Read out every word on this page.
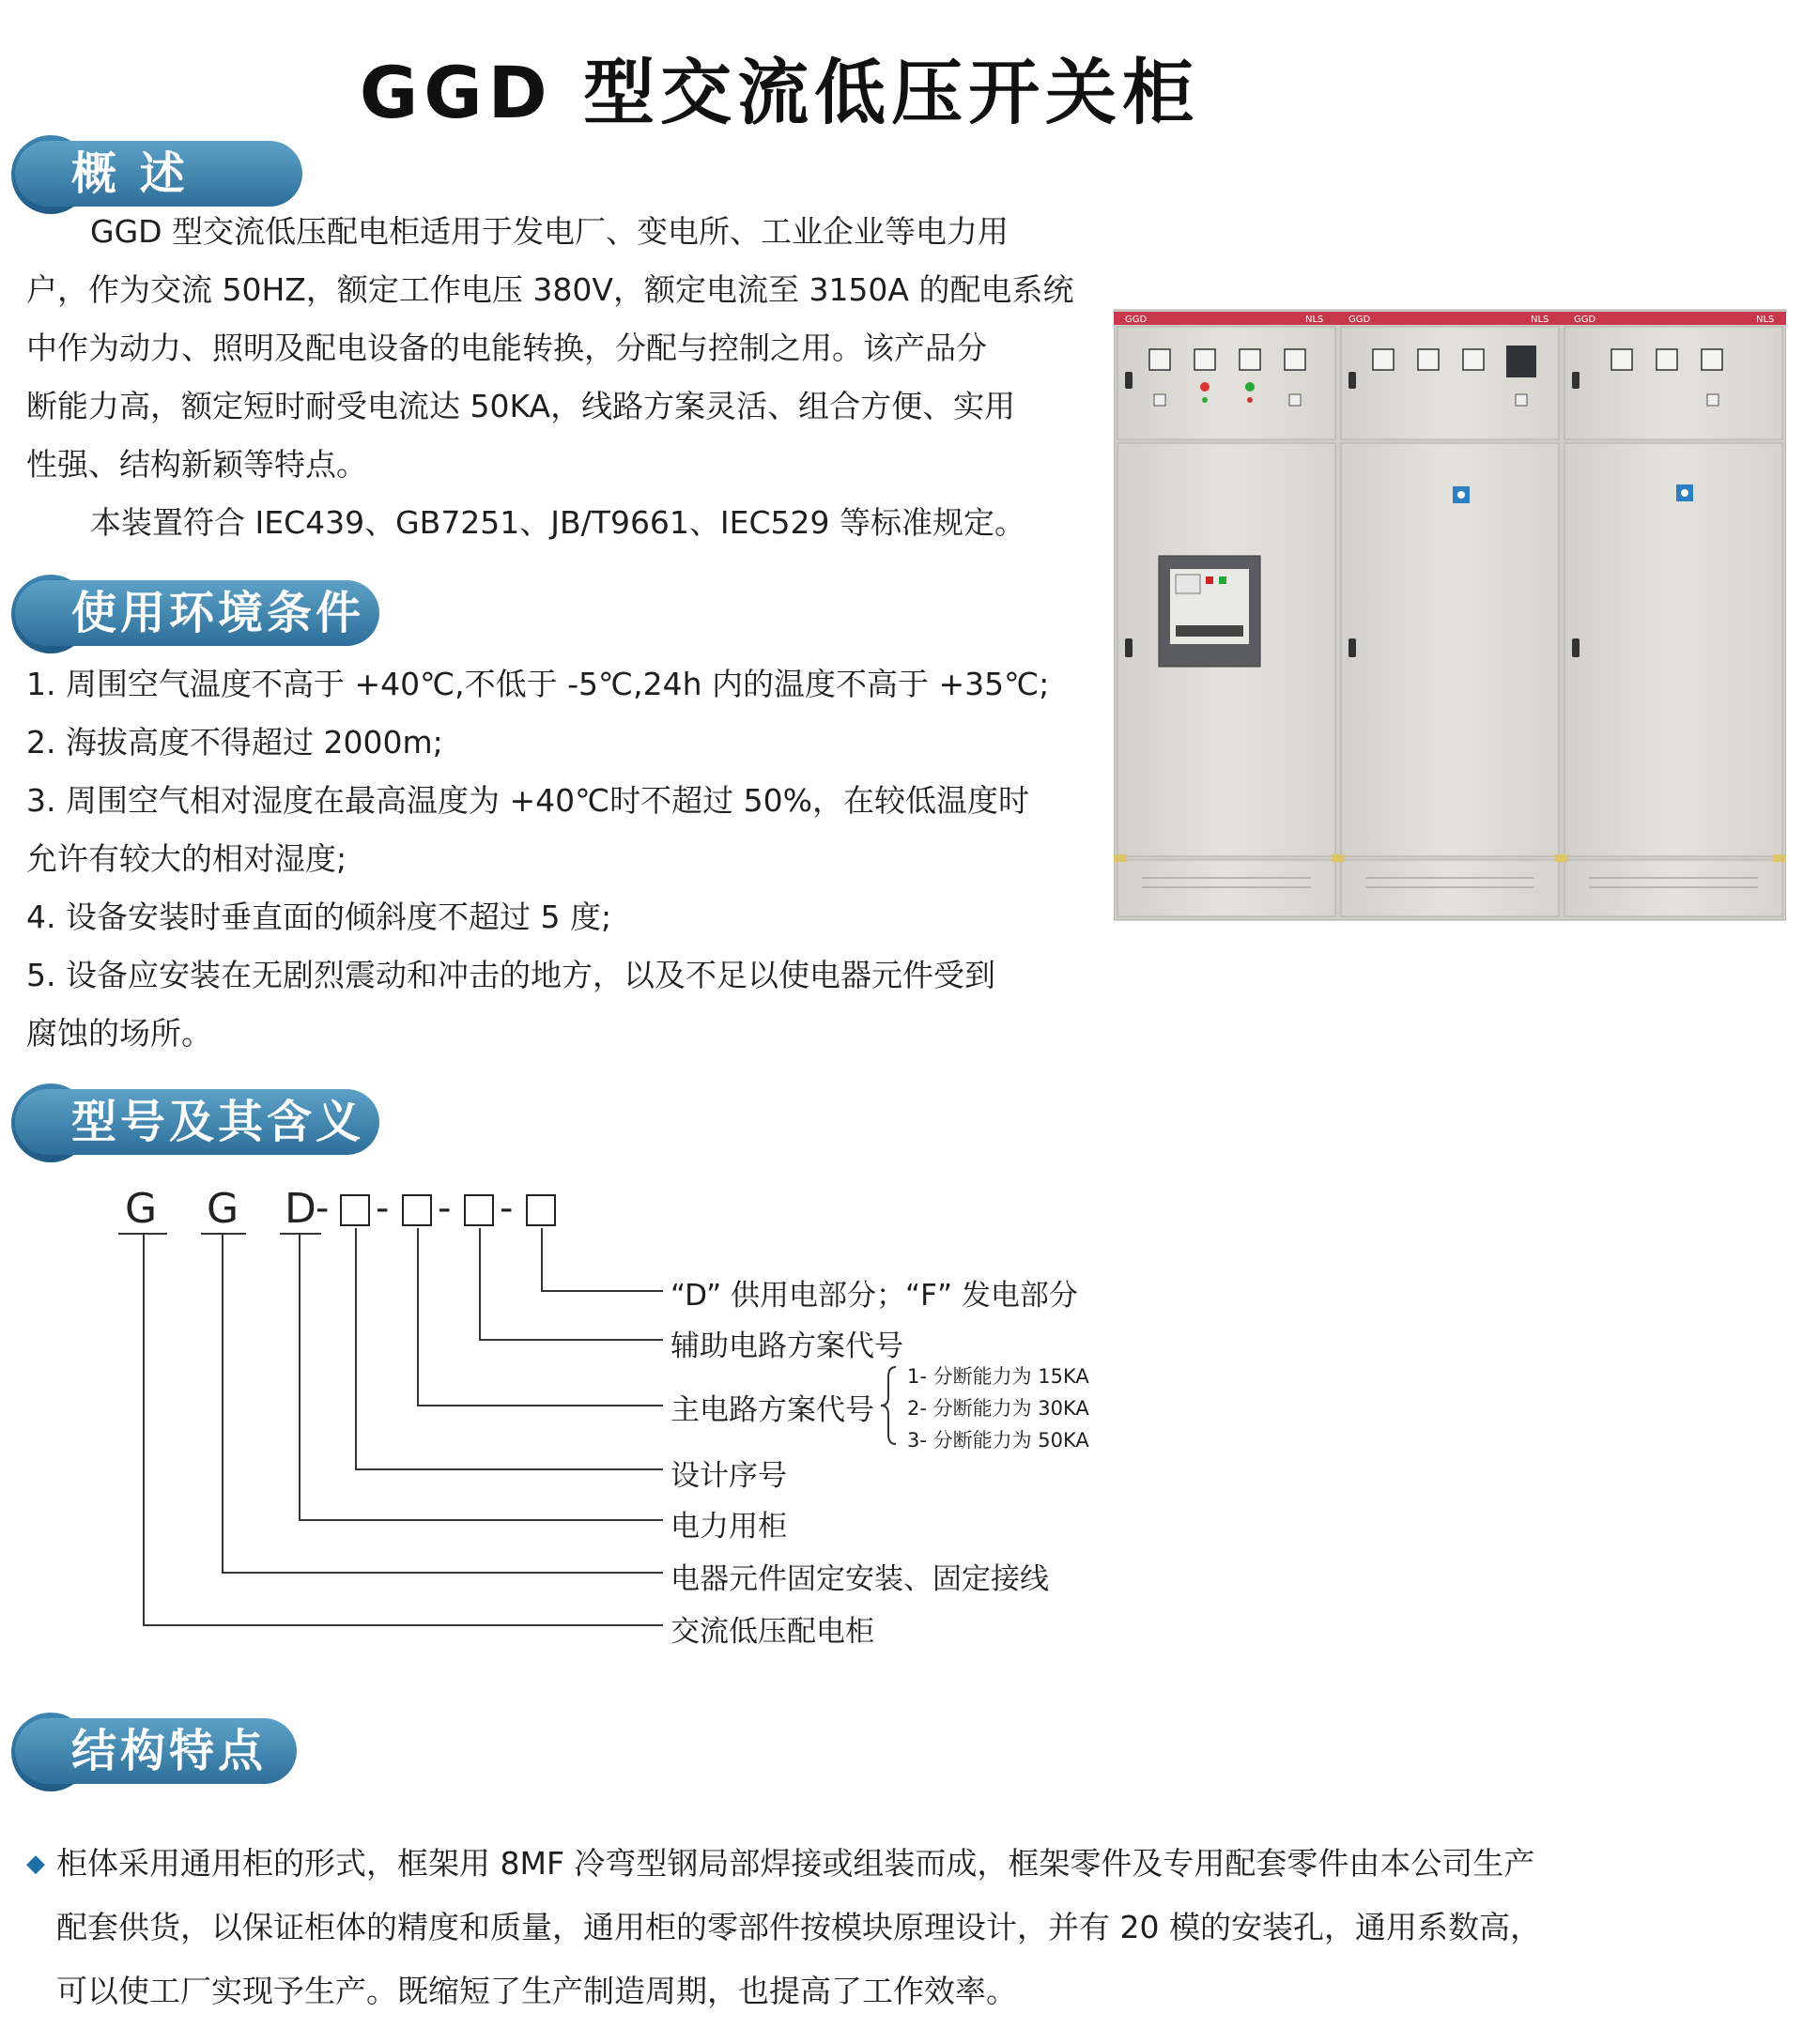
GGD 型交流低压开关柜
概 述
GGD 型交流低压配电柜适用于发电厂、变电所、工业企业等电力用
户，作为交流 50HZ，额定工作电压 380V，额定电流至 3150A 的配电系统
中作为动力、照明及配电设备的电能转换，分配与控制之用。该产品分
断能力高，额定短时耐受电流达 50KA，线路方案灵活、组合方便、实用
性强、结构新颖等特点。
本装置符合 IEC439、GB7251、JB/T9661、IEC529 等标准规定。
使用环境条件
1. 周围空气温度不高于 +40℃,不低于 -5℃,24h 内的温度不高于 +35℃;
2. 海拔高度不得超过 2000m;
3. 周围空气相对湿度在最高温度为 +40℃时不超过 50%，在较低温度时
允许有较大的相对湿度;
4. 设备安装时垂直面的倾斜度不超过 5 度;
5. 设备应安装在无剧烈震动和冲击的地方，以及不足以使电器元件受到
腐蚀的场所。
GGD	NLS	GGD	NLS	GGD	NLS
型号及其含义
G G D - - - -
“D” 供用电部分；“F” 发电部分
辅助电路方案代号
主电路方案代号
设计序号
电力用柜
电器元件固定安装、固定接线
交流低压配电柜
1- 分断能力为 15KA
2- 分断能力为 30KA
3- 分断能力为 50KA
结构特点
◆ 柜体采用通用柜的形式，框架用 8MF 冷弯型钢局部焊接或组装而成，框架零件及专用配套零件由本公司生产
配套供货，以保证柜体的精度和质量，通用柜的零部件按模块原理设计，并有 20 模的安装孔，通用系数高，
可以使工厂实现予生产。既缩短了生产制造周期，也提高了工作效率。
